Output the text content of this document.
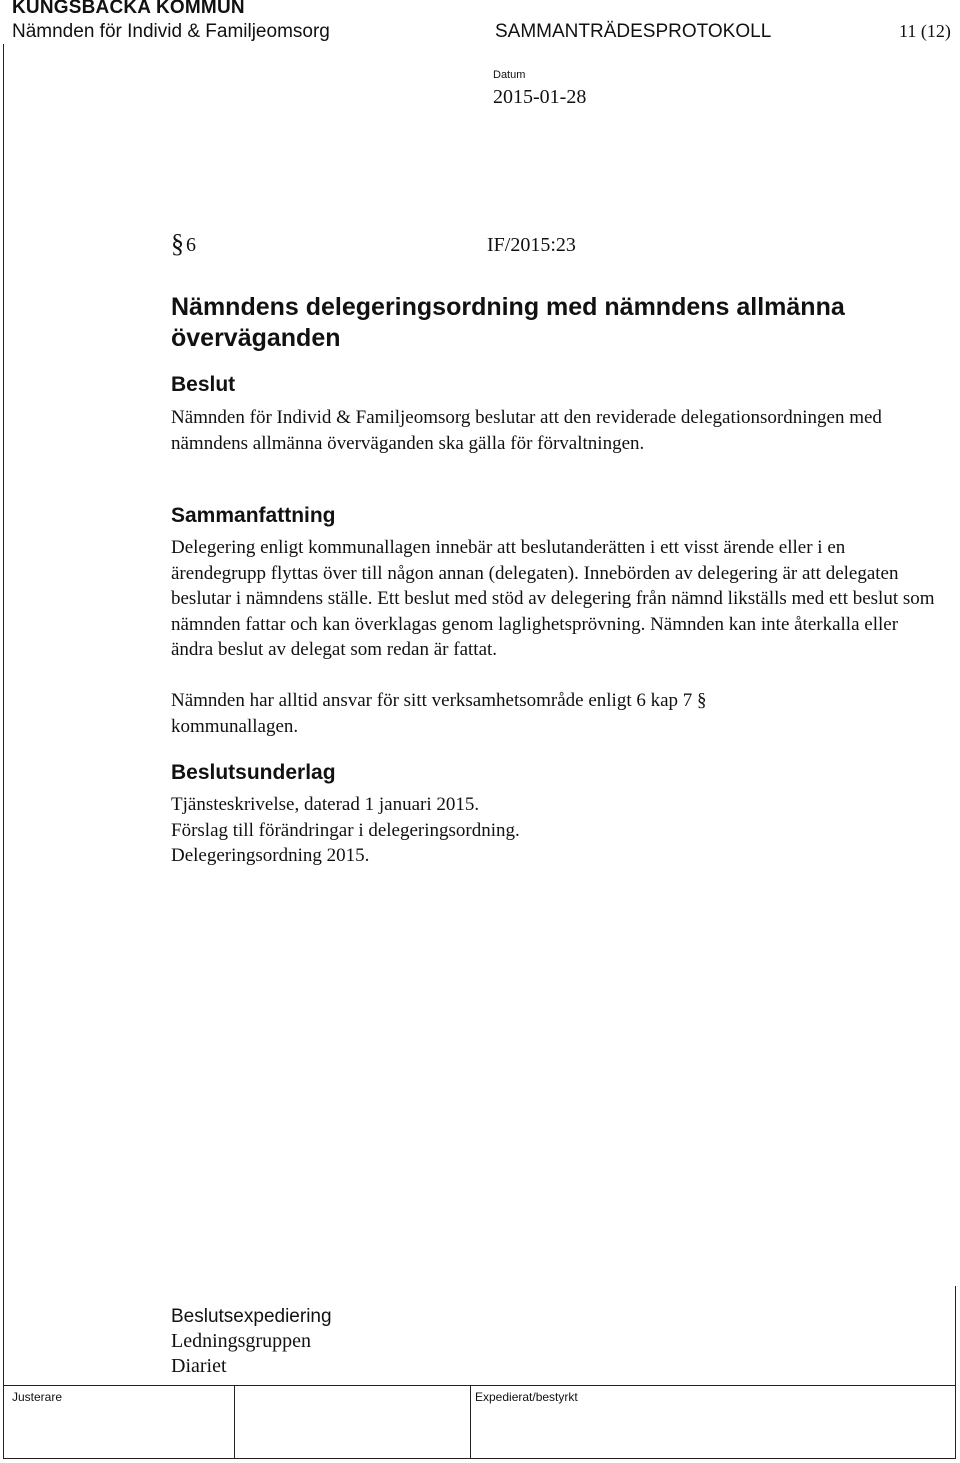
KUNGSBACKA KOMMUN
Nämnden för Individ & Familjeomsorg	SAMMANTRÄDESPROTOKOLL	11 (12)
Datum
2015-01-28
§ 6	IF/2015:23
Nämndens delegeringsordning med nämndens allmänna överväganden
Beslut
Nämnden för Individ & Familjeomsorg beslutar att den reviderade delegationsordningen med nämndens allmänna överväganden ska gälla för förvaltningen.
Sammanfattning
Delegering enligt kommunallagen innebär att beslutanderätten i ett visst ärende eller i en ärendegrupp flyttas över till någon annan (delegaten). Innebörden av delegering är att delegaten beslutar i nämndens ställe. Ett beslut med stöd av delegering från nämnd likställs med ett beslut som nämnden fattar och kan överklagas genom laglighetsprövning. Nämnden kan inte återkalla eller ändra beslut av delegat som redan är fattat.
Nämnden har alltid ansvar för sitt verksamhetsområde enligt 6 kap 7 § kommunallagen.
Beslutsunderlag
Tjänsteskrivelse, daterad 1 januari 2015.
Förslag till förändringar i delegeringsordning.
Delegeringsordning 2015.
Beslutsexpediering
Ledningsgruppen
Diariet
Justerare	Expedierat/bestyrkt
